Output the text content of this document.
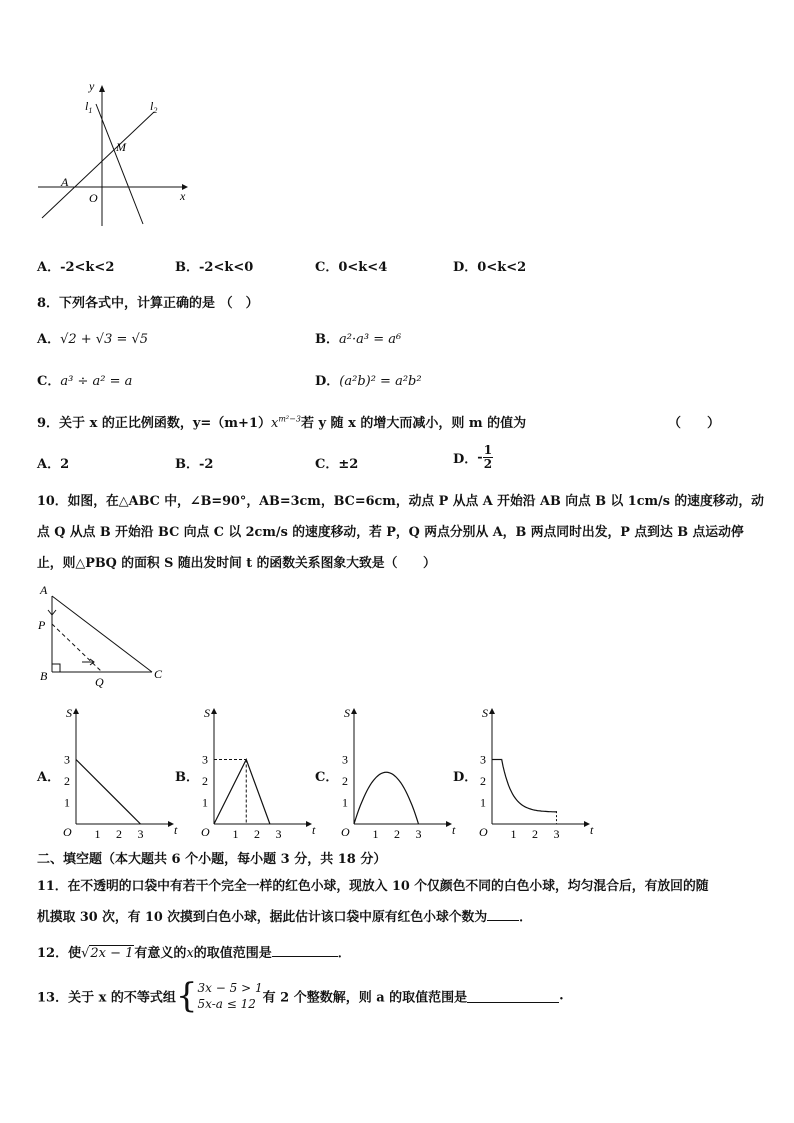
y
x
$l_1$	$l_2$
M
A
O
A．-2<k<2	B．-2<k<0	C．0<k<4	D．0<k<2
8．下列各式中，计算正确的是 （　）
A．√2 + √3 = √5	B．a²·a³ = a⁶
C．a³ ÷ a² = a	D．(a²b)² = a²b²
9．关于 x 的正比例函数，$y=(m+1)x^{m^2-3}$若 y 随 x 的增大而减小，则 m 的值为	（　　）
A．2	B．-2	C．±2	D．- $\frac{1}{2}$
10．如图，在△ABC 中，∠B=90°，AB=3cm，BC=6cm，动点 P 从点 A 开始沿 AB 向点 B 以 1cm/s 的速度移动，动
点 Q 从点 B 开始沿 BC 向点 C 以 2cm/s 的速度移动，若 P，Q 两点分别从 A，B 两点同时出发，P 点到达 B 点运动停
止，则△PBQ 的面积 S 随出发时间 t 的函数关系图象大致是（　　）
A
P
B	Q
C
A．	B．	C．	D．
S
t
O 1 2 3
1
2
3
S
t
O 1 2 3
1
2
3
S
t
O 1 2 3
1
2
3
S
t
O 1 2 3
1
2
3
二、填空题（本大题共 6 个小题，每小题 3 分，共 18 分）
11．在不透明的口袋中有若干个完全一样的红色小球，现放入 10 个仅颜色不同的白色小球，均匀混合后，有放回的随
机摸取 30 次，有 10 次摸到白色小球，据此估计该口袋中原有红色小球个数为	．
12．使√2x − 1有意义的x的取值范围是	．
13．关于 x 的不等式组{ 3x − 5 > 1
5x-a ≤ 12 有 2 个整数解，则 a 的取值范围是	.
